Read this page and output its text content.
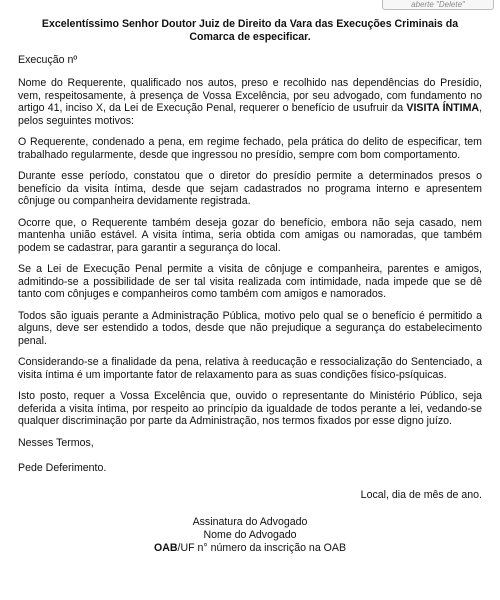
aberte "Delete"
Excelentíssimo Senhor Doutor Juiz de Direito da Vara das Execuções Criminais da Comarca de especificar.
Execução nº
Nome do Requerente, qualificado nos autos, preso e recolhido nas dependências do Presídio, vem, respeitosamente, à presença de Vossa Excelência, por seu advogado, com fundamento no artigo 41, inciso X, da Lei de Execução Penal, requerer o benefício de usufruir da VISITA ÍNTIMA, pelos seguintes motivos:
O Requerente, condenado a pena, em regime fechado, pela prática do delito de especificar, tem trabalhado regularmente, desde que ingressou no presídio, sempre com bom comportamento.
Durante esse período, constatou que o diretor do presídio permite a determinados presos o benefício da visita íntima, desde que sejam cadastrados no programa interno e apresentem cônjuge ou companheira devidamente registrada.
Ocorre que, o Requerente também deseja gozar do benefício, embora não seja casado, nem mantenha união estável. A visita íntima, seria obtida com amigas ou namoradas, que também podem se cadastrar, para garantir a segurança do local.
Se a Lei de Execução Penal permite a visita de cônjuge e companheira, parentes e amigos, admitindo-se a possibilidade de ser tal visita realizada com intimidade, nada impede que se dê tanto com cônjuges e companheiros como também com amigos e namorados.
Todos são iguais perante a Administração Pública, motivo pelo qual se o benefício é permitido a alguns, deve ser estendido a todos, desde que não prejudique a segurança do estabelecimento penal.
Considerando-se a finalidade da pena, relativa à reeducação e ressocialização do Sentenciado, a visita íntima é um importante fator de relaxamento para as suas condições físico-psíquicas.
Isto posto, requer a Vossa Excelência que, ouvido o representante do Ministério Público, seja deferida a visita íntima, por respeito ao princípio da igualdade de todos perante a lei, vedando-se qualquer discriminação por parte da Administração, nos termos fixados por esse digno juízo.
Nesses Termos,
Pede Deferimento.
Local, dia de mês de ano.
Assinatura do Advogado
Nome do Advogado
OAB/UF n° número da inscrição na OAB
